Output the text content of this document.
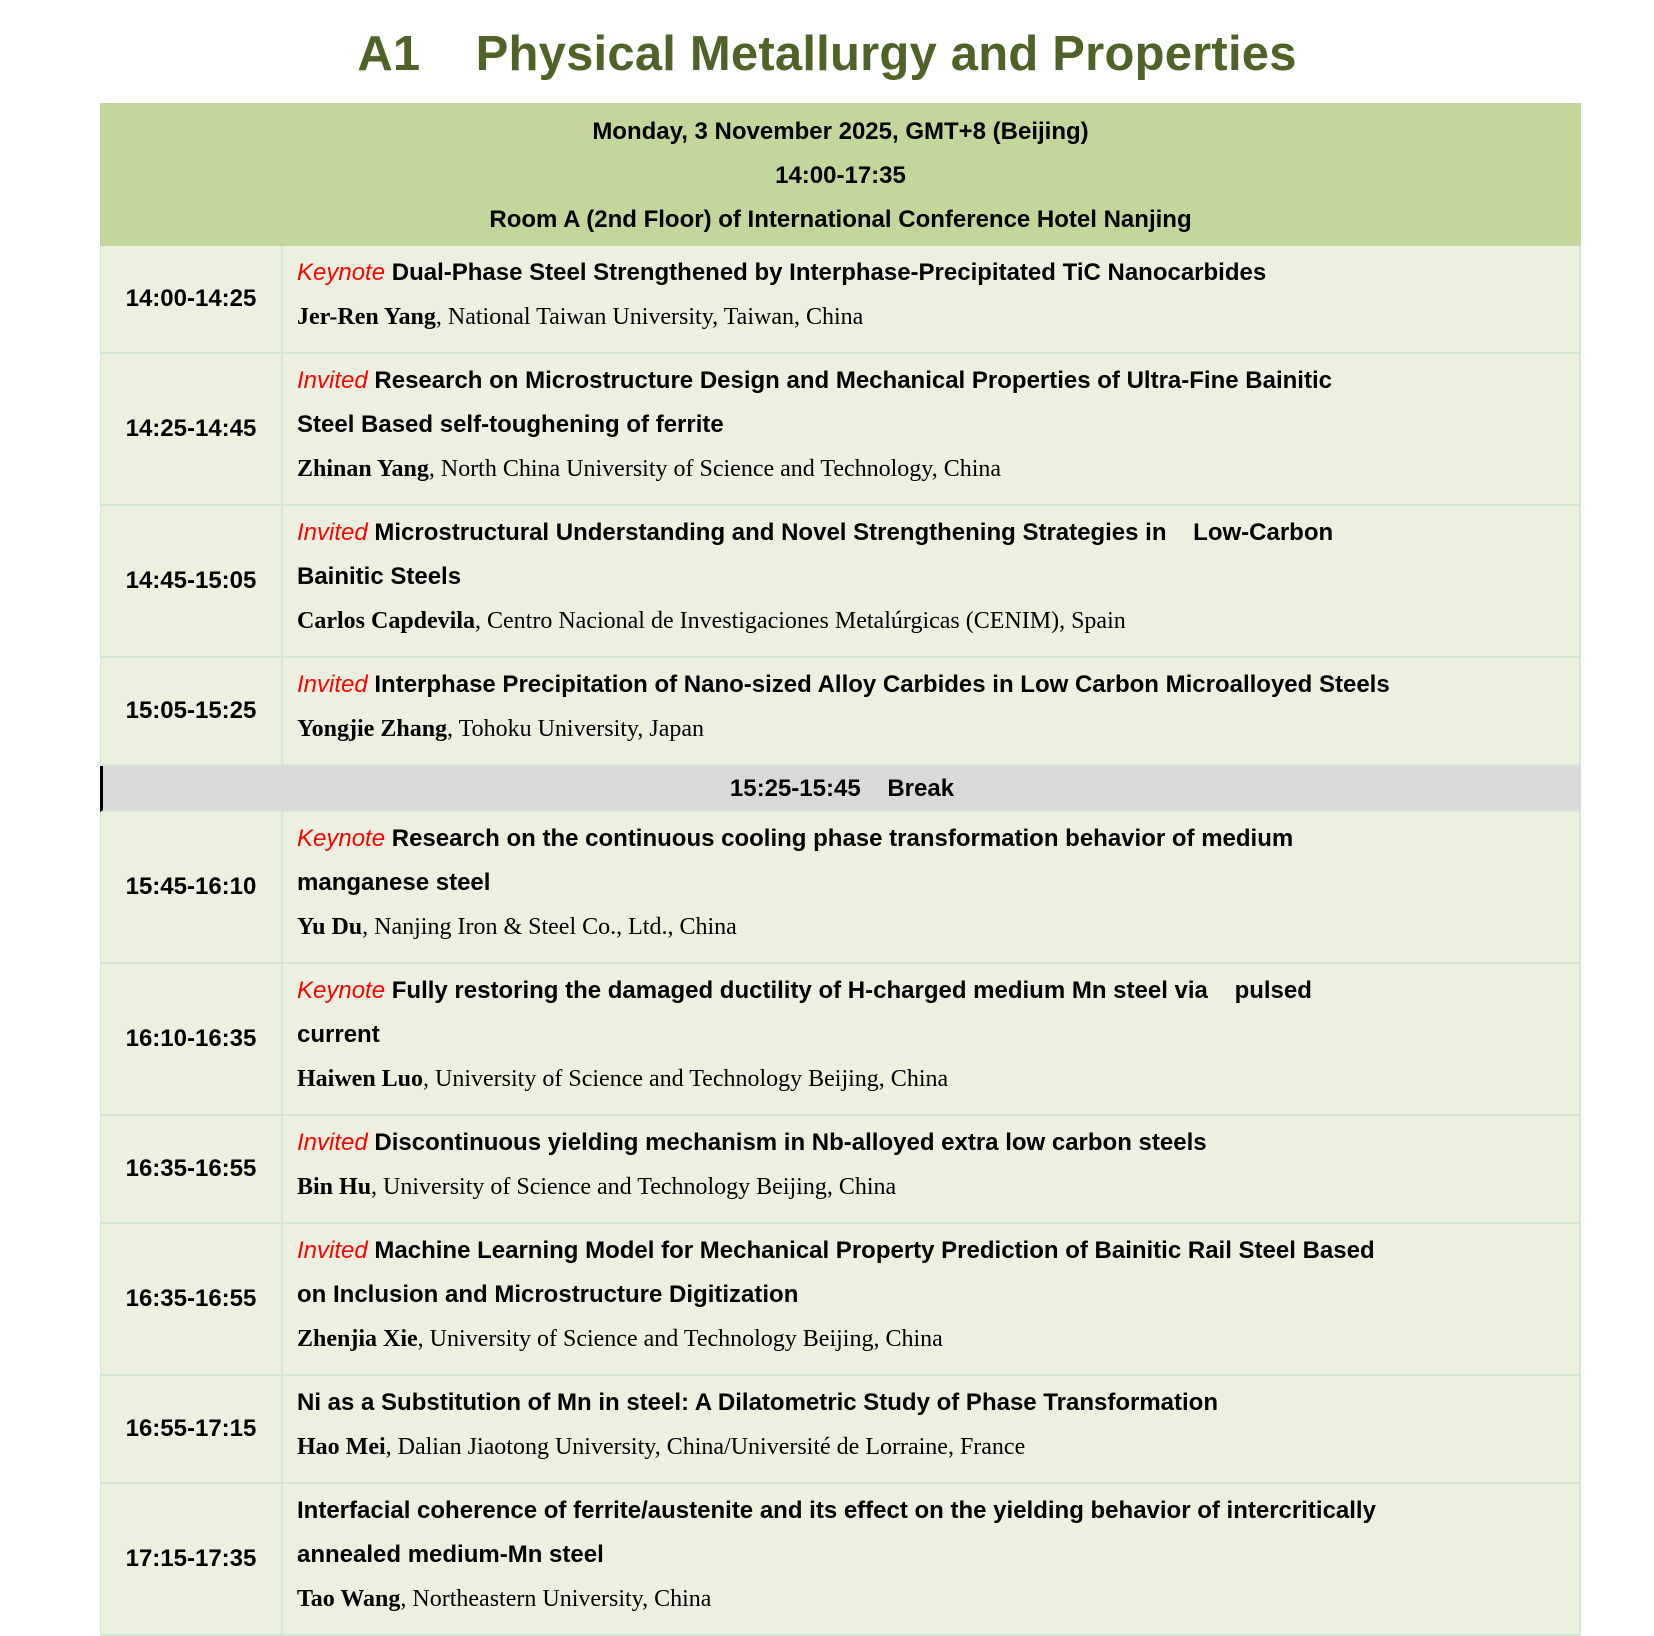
A1    Physical Metallurgy and Properties
Monday, 3 November 2025, GMT+8 (Beijing)
14:00-17:35
Room A (2nd Floor) of International Conference Hotel Nanjing
14:00-14:25
Keynote Dual-Phase Steel Strengthened by Interphase-Precipitated TiC Nanocarbides
Jer-Ren Yang, National Taiwan University, Taiwan, China
14:25-14:45
Invited Research on Microstructure Design and Mechanical Properties of Ultra-Fine Bainitic
Steel Based self-toughening of ferrite
Zhinan Yang, North China University of Science and Technology, China
14:45-15:05
Invited Microstructural Understanding and Novel Strengthening Strategies in    Low-Carbon
Bainitic Steels
Carlos Capdevila, Centro Nacional de Investigaciones Metalúrgicas (CENIM), Spain
15:05-15:25
Invited Interphase Precipitation of Nano-sized Alloy Carbides in Low Carbon Microalloyed Steels
Yongjie Zhang, Tohoku University, Japan
15:25-15:45    Break
15:45-16:10
Keynote Research on the continuous cooling phase transformation behavior of medium
manganese steel
Yu Du, Nanjing Iron & Steel Co., Ltd., China
16:10-16:35
Keynote Fully restoring the damaged ductility of H-charged medium Mn steel via    pulsed
current
Haiwen Luo, University of Science and Technology Beijing, China
16:35-16:55
Invited Discontinuous yielding mechanism in Nb-alloyed extra low carbon steels
Bin Hu, University of Science and Technology Beijing, China
16:35-16:55
Invited Machine Learning Model for Mechanical Property Prediction of Bainitic Rail Steel Based
on Inclusion and Microstructure Digitization
Zhenjia Xie, University of Science and Technology Beijing, China
16:55-17:15
Ni as a Substitution of Mn in steel: A Dilatometric Study of Phase Transformation
Hao Mei, Dalian Jiaotong University, China/Université de Lorraine, France
17:15-17:35
Interfacial coherence of ferrite/austenite and its effect on the yielding behavior of intercritically
annealed medium-Mn steel
Tao Wang, Northeastern University, China
